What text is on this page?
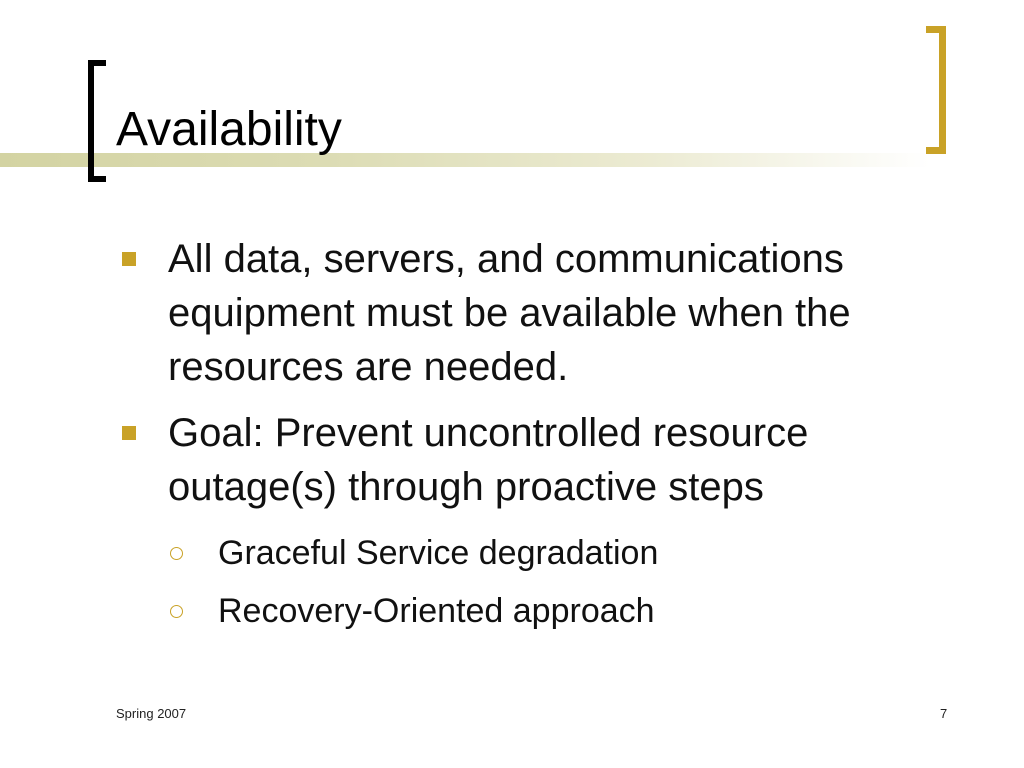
Availability
All data, servers, and communications equipment must be available when the resources are needed.
Goal: Prevent uncontrolled resource outage(s) through proactive steps
Graceful Service degradation
Recovery-Oriented approach
Spring 2007	7
